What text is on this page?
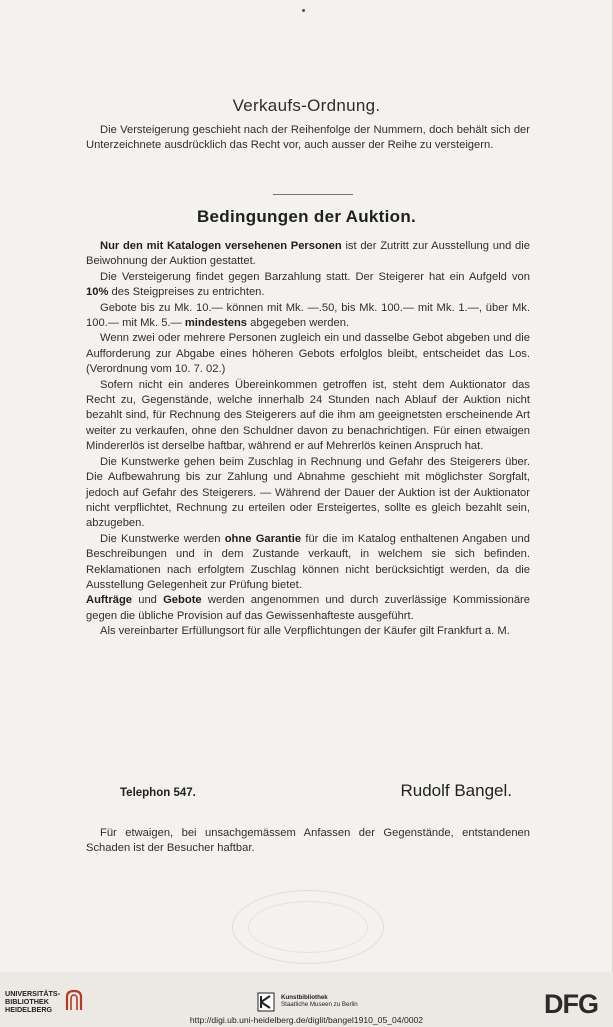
Verkaufs-Ordnung.

Die Versteigerung geschieht nach der Reihenfolge der Nummern, doch behält sich der Unterzeichnete ausdrücklich das Recht vor, auch ausser der Reihe zu versteigern.

Bedingungen der Auktion.

Nur den mit Katalogen versehenen Personen ist der Zutritt zur Ausstellung und die Beiwohnung der Auktion gestattet.

Die Versteigerung findet gegen Barzahlung statt. Der Steigerer hat ein Aufgeld von 10% des Steigpreises zu entrichten.

Gebote bis zu Mk. 10.— können mit Mk. —.50, bis Mk. 100.— mit Mk. 1.—, über Mk. 100.— mit Mk. 5.— mindestens abgegeben werden.

Wenn zwei oder mehrere Personen zugleich ein und dasselbe Gebot abgeben und die Aufforderung zur Abgabe eines höheren Gebots erfolglos bleibt, entscheidet das Los. (Verordnung vom 10. 7. 02.)

Sofern nicht ein anderes Übereinkommen getroffen ist, steht dem Auktionator das Recht zu, Gegenstände, welche innerhalb 24 Stunden nach Ablauf der Auktion nicht bezahlt sind, für Rechnung des Steigerers auf die ihm am geeignetsten erscheinende Art weiter zu verkaufen, ohne den Schuldner davon zu benachrichtigen. Für einen etwaigen Mindererlös ist derselbe haftbar, während er auf Mehrerlös keinen Anspruch hat.

Die Kunstwerke gehen beim Zuschlag in Rechnung und Gefahr des Steigerers über. Die Aufbewahrung bis zur Zahlung und Abnahme geschieht mit möglichster Sorgfalt, jedoch auf Gefahr des Steigerers. — Während der Dauer der Auktion ist der Auktionator nicht verpflichtet, Rechnung zu erteilen oder Ersteigertes, sollte es gleich bezahlt sein, abzugeben.

Die Kunstwerke werden ohne Garantie für die im Katalog enthaltenen Angaben und Beschreibungen und in dem Zustande verkauft, in welchem sie sich befinden. Reklamationen nach erfolgtem Zuschlag können nicht berücksichtigt werden, da die Ausstellung Gelegenheit zur Prüfung bietet.

Aufträge und Gebote werden angenommen und durch zuverlässige Kommissionäre gegen die übliche Provision auf das Gewissenhafteste ausgeführt.

Als vereinbarter Erfüllungsort für alle Verpflichtungen der Käufer gilt Frankfurt a. M.

Telephon 547.	Rudolf Bangel.

Für etwaigen, bei unsachgemässem Anfassen der Gegenstände, entstandenen Schaden ist der Besucher haftbar.

UNIVERSITÄTS-
BIBLIOTHEK
HEIDELBERG
Kunstbibliothek
Staatliche Museen zu Berlin	DFG
http://digi.ub.uni-heidelberg.de/diglit/bangel1910_05_04/0002
